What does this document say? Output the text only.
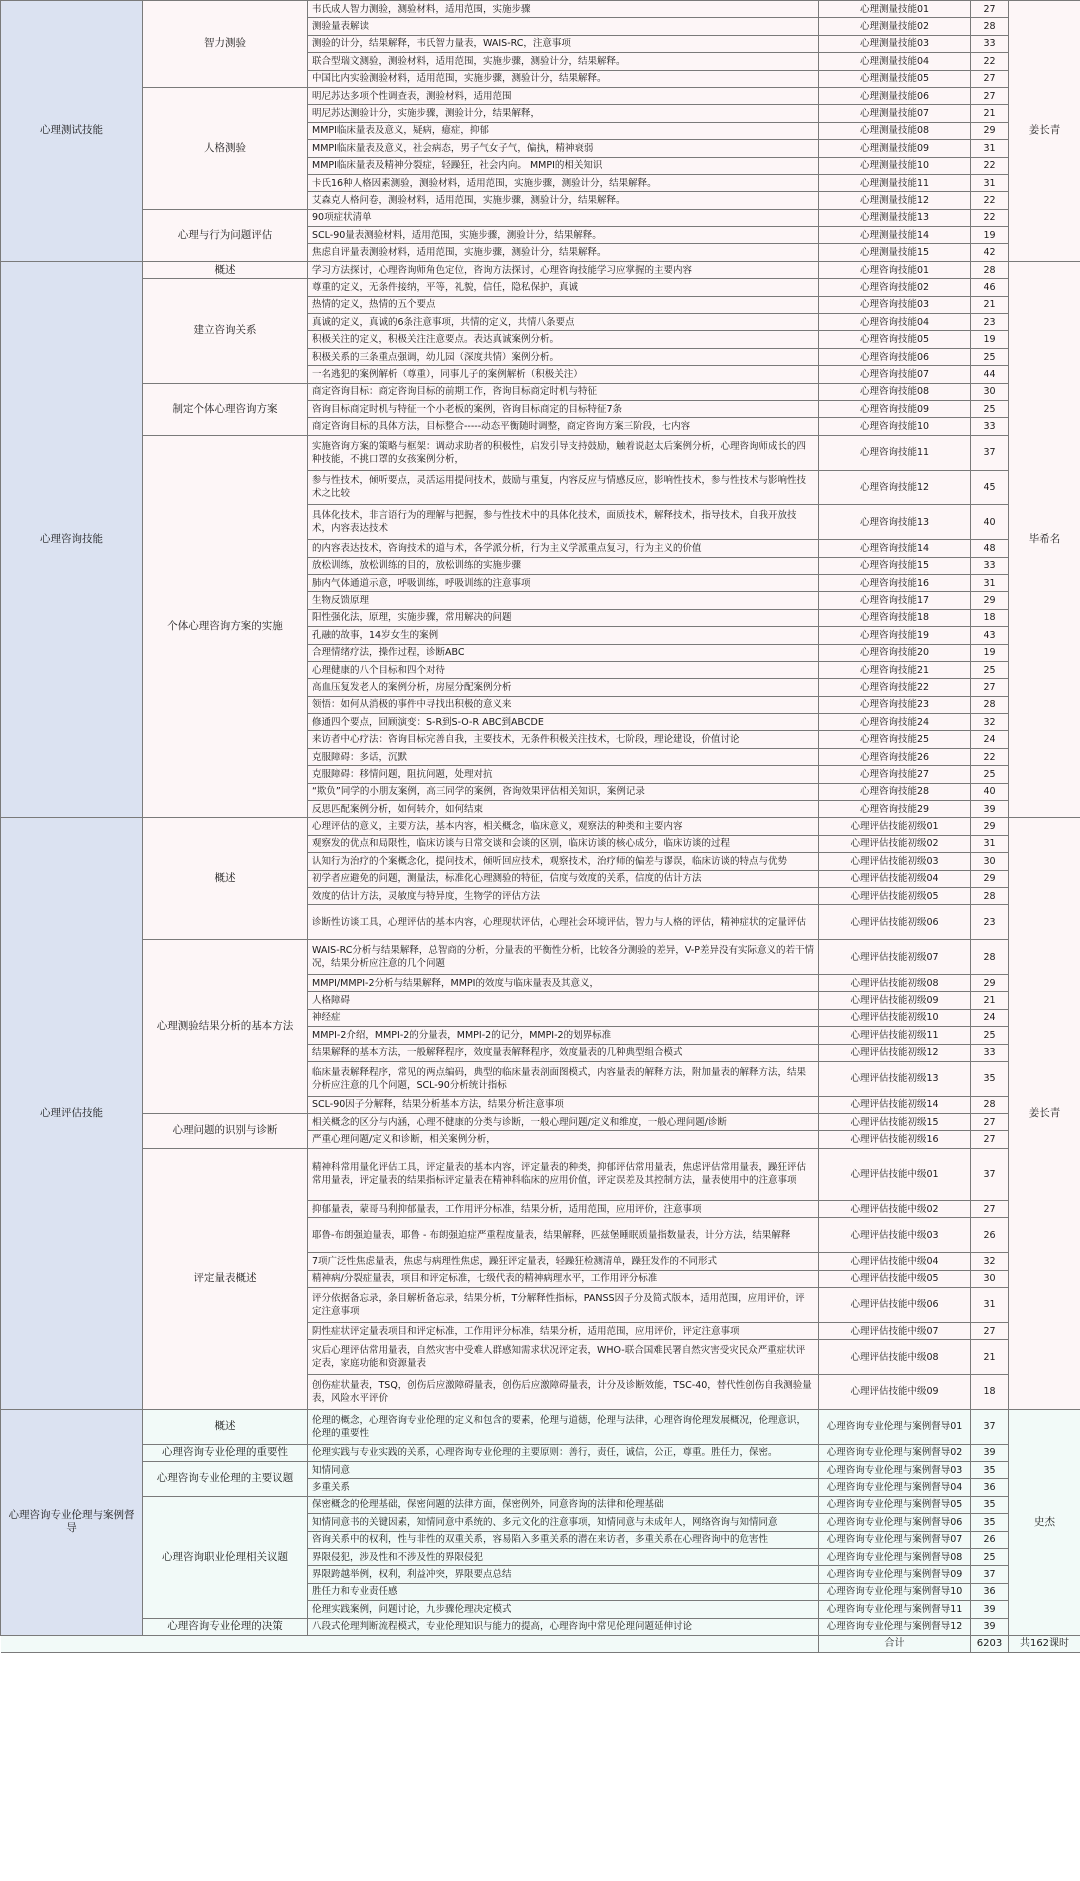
心理测试技能	智力测验	韦氏成人智力测验，测验材料，适用范围，实施步骤	心理测量技能01	27	姜长青
		测验量表解读	心理测量技能02	28	
		测验的计分，结果解释，韦氏智力量表，WAIS-RC，注意事项	心理测量技能03	33	
		联合型瑞文测验，测验材料，适用范围，实施步骤，测验计分，结果解释。	心理测量技能04	22	
		中国比内实验测验材料，适用范围，实施步骤，测验计分，结果解释。	心理测量技能05	27	
	人格测验	明尼苏达多项个性调查表，测验材料，适用范围	心理测量技能06	27	
		明尼苏达测验计分，实施步骤，测验计分，结果解释，	心理测量技能07	21	
		MMPI临床量表及意义，疑病，癔症，抑郁	心理测量技能08	29	
		MMPI临床量表及意义，社会病态，男子气女子气，偏执，精神衰弱	心理测量技能09	31	
		MMPI临床量表及精神分裂症，轻躁狂，社会内向。 MMPI的相关知识	心理测量技能10	22	
		卡氏16种人格因素测验，测验材料，适用范围，实施步骤，测验计分，结果解释。	心理测量技能11	31	
		艾森克人格问卷，测验材料，适用范围，实施步骤，测验计分，结果解释。	心理测量技能12	22	
	心理与行为问题评估	90项症状清单	心理测量技能13	22	
		SCL-90量表测验材料，适用范围，实施步骤，测验计分，结果解释。	心理测量技能14	19	
		焦虑自评量表测验材料，适用范围，实施步骤，测验计分，结果解释。	心理测量技能15	42	
心理咨询技能	概述	学习方法探讨，心理咨询师角色定位，咨询方法探讨，心理咨询技能学习应掌握的主要内容	心理咨询技能01	28	毕希名
	建立咨询关系	尊重的定义，无条件接纳，平等，礼貌，信任，隐私保护，真诚	心理咨询技能02	46	
		热情的定义，热情的五个要点	心理咨询技能03	21	
		真诚的定义，真诚的6条注意事项，共情的定义，共情八条要点	心理咨询技能04	23	
		积极关注的定义，积极关注注意要点。表达真诚案例分析。	心理咨询技能05	19	
		积极关系的三条重点强调，幼儿园（深度共情）案例分析。	心理咨询技能06	25	
		一名逃犯的案例解析（尊重），同事儿子的案例解析（积极关注）	心理咨询技能07	44	
	制定个体心理咨询方案	商定咨询目标：商定咨询目标的前期工作，咨询目标商定时机与特征	心理咨询技能08	30	
		咨询目标商定时机与特征一个小老板的案例，咨询目标商定的目标特征7条	心理咨询技能09	25	
		商定咨询目标的具体方法，目标整合-----动态平衡随时调整，商定咨询方案三阶段，七内容	心理咨询技能10	33	
	个体心理咨询方案的实施	实施咨询方案的策略与框架：调动求助者的积极性，启发引导支持鼓励，触着说赵太后案例分析，心理咨询师成长的四种技能，不挑口罩的女孩案例分析，	心理咨询技能11	37	
		参与性技术，倾听要点，灵活运用提问技术，鼓励与重复，内容反应与情感反应，影响性技术，参与性技术与影响性技术之比较	心理咨询技能12	45	
		具体化技术，非言语行为的理解与把握，参与性技术中的具体化技术，面质技术，解释技术，指导技术，自我开放技术，内容表达技术	心理咨询技能13	40	
		的内容表达技术，咨询技术的道与术，各学派分析，行为主义学派重点复习，行为主义的价值	心理咨询技能14	48	
		放松训练，放松训练的目的，放松训练的实施步骤	心理咨询技能15	33	
		肺内气体通道示意，呼吸训练，呼吸训练的注意事项	心理咨询技能16	31	
		生物反馈原理	心理咨询技能17	29	
		阳性强化法，原理，实施步骤，常用解决的问题	心理咨询技能18	18	
		孔融的故事，14岁女生的案例	心理咨询技能19	43	
		合理情绪疗法，操作过程，诊断ABC	心理咨询技能20	19	
		心理健康的八个目标和四个对待	心理咨询技能21	25	
		高血压复发老人的案例分析，房屋分配案例分析	心理咨询技能22	27	
		领悟：如何从消极的事件中寻找出积极的意义来	心理咨询技能23	28	
		修通四个要点，回顾演变：S-R到S-O-R ABC到ABCDE	心理咨询技能24	32	
		来访者中心疗法：咨询目标完善自我，主要技术，无条件积极关注技术，七阶段，理论建设，价值讨论	心理咨询技能25	24	
		克服障碍：多话，沉默	心理咨询技能26	22	
		克服障碍：移情问题，阻抗问题，处理对抗	心理咨询技能27	25	
		“欺负”同学的小朋友案例，高三同学的案例，咨询效果评估相关知识，案例记录	心理咨询技能28	40	
		反思匹配案例分析，如何转介，如何结束	心理咨询技能29	39	
心理评估技能	概述	心理评估的意义，主要方法，基本内容，相关概念，临床意义，观察法的种类和主要内容	心理评估技能初级01	29	姜长青
		观察发的优点和局限性，临床访谈与日常交谈和会谈的区别，临床访谈的核心成分，临床访谈的过程	心理评估技能初级02	31	
		认知行为治疗的个案概念化，提问技术，倾听回应技术，观察技术，治疗师的偏差与谬误，临床访谈的特点与优势	心理评估技能初级03	30	
		初学者应避免的问题，测量法，标准化心理测验的特征，信度与效度的关系，信度的估计方法	心理评估技能初级04	29	
		效度的估计方法，灵敏度与特异度，生物学的评估方法	心理评估技能初级05	28	
		诊断性访谈工具，心理评估的基本内容，心理现状评估，心理社会环境评估，智力与人格的评估，精神症状的定量评估	心理评估技能初级06	23	
	心理测验结果分析的基本方法	WAIS-RC分析与结果解释，总智商的分析，分量表的平衡性分析，比较各分测验的差异，V-P差异没有实际意义的若干情况，结果分析应注意的几个问题	心理评估技能初级07	28	
		MMPI/MMPI-2分析与结果解释，MMPI的效度与临床量表及其意义，	心理评估技能初级08	29	
		人格障碍	心理评估技能初级09	21	
		神经症	心理评估技能初级10	24	
		MMPI-2介绍，MMPI-2的分量表，MMPI-2的记分，MMPI-2的划界标准	心理评估技能初级11	25	
		结果解释的基本方法，一般解释程序，效度量表解释程序，效度量表的几种典型组合模式	心理评估技能初级12	33	
		临床量表解释程序，常见的两点编码，典型的临床量表剖面图模式，内容量表的解释方法，附加量表的解释方法，结果分析应注意的几个问题，SCL-90分析统计指标	心理评估技能初级13	35	
		SCL-90因子分解释，结果分析基本方法，结果分析注意事项	心理评估技能初级14	28	
	心理问题的识别与诊断	相关概念的区分与内涵，心理不健康的分类与诊断，一般心理问题/定义和维度，一般心理问题/诊断	心理评估技能初级15	27	
		严重心理问题/定义和诊断，相关案例分析，	心理评估技能初级16	27	
	评定量表概述	精神科常用量化评估工具，评定量表的基本内容，评定量表的种类，抑郁评估常用量表，焦虑评估常用量表，躁狂评估常用量表，评定量表的结果指标评定量表在精神科临床的应用价值，评定误差及其控制方法，量表使用中的注意事项	心理评估技能中级01	37	
		抑郁量表，蒙哥马利抑郁量表，工作用评分标准，结果分析，适用范围，应用评价，注意事项	心理评估技能中级02	27	
		耶鲁-布朗强迫量表，耶鲁 - 布朗强迫症严重程度量表，结果解释，匹兹堡睡眠质量指数量表，计分方法，结果解释	心理评估技能中级03	26	
		7项广泛性焦虑量表，焦虑与病理性焦虑，躁狂评定量表，轻躁狂检测清单，躁狂发作的不同形式	心理评估技能中级04	32	
		精神病/分裂症量表，项目和评定标准，七级代表的精神病理水平，工作用评分标准	心理评估技能中级05	30	
		评分依据备忘录，条目解析备忘录，结果分析，T分解释性指标，PANSS因子分及简式版本，适用范围，应用评价，评定注意事项	心理评估技能中级06	31	
		阴性症状评定量表项目和评定标准，工作用评分标准，结果分析，适用范围，应用评价，评定注意事项	心理评估技能中级07	27	
		灾后心理评估常用量表，自然灾害中受难人群感知需求状况评定表，WHO-联合国难民署自然灾害受灾民众严重症状评定表，家庭功能和资源量表	心理评估技能中级08	21	
		创伤症状量表，TSQ，创伤后应激障碍量表，创伤后应激障碍量表，计分及诊断效能，TSC-40，替代性创伤自我测验量表，风险水平评价	心理评估技能中级09	18	
心理咨询专业伦理与案例督导	概述	伦理的概念，心理咨询专业伦理的定义和包含的要素，伦理与道德，伦理与法律，心理咨询伦理发展概况，伦理意识，伦理的重要性	心理咨询专业伦理与案例督导01	37	史杰
	心理咨询专业伦理的重要性	伦理实践与专业实践的关系，心理咨询专业伦理的主要原则：善行，责任，诚信，公正，尊重。胜任力，保密。	心理咨询专业伦理与案例督导02	39	
	心理咨询专业伦理的主要议题	知情同意	心理咨询专业伦理与案例督导03	35	
		多重关系	心理咨询专业伦理与案例督导04	36	
	心理咨询职业伦理相关议题	保密概念的伦理基础，保密问题的法律方面，保密例外，同意咨询的法律和伦理基础	心理咨询专业伦理与案例督导05	35	
		知情同意书的关键因素，知情同意中系统的、多元文化的注意事项，知情同意与未成年人，网络咨询与知情同意	心理咨询专业伦理与案例督导06	35	
		咨询关系中的权利，性与非性的双重关系，容易陷入多重关系的潜在来访者，多重关系在心理咨询中的危害性	心理咨询专业伦理与案例督导07	26	
		界限侵犯，涉及性和不涉及性的界限侵犯	心理咨询专业伦理与案例督导08	25	
		界限跨越举例，权利，利益冲突，界限要点总结	心理咨询专业伦理与案例督导09	37	
		胜任力和专业责任感	心理咨询专业伦理与案例督导10	36	
		伦理实践案例，问题讨论，九步骤伦理决定模式	心理咨询专业伦理与案例督导11	39	
	心理咨询专业伦理的决策	八段式伦理判断流程模式，专业伦理知识与能力的提高，心理咨询中常见伦理问题延伸讨论	心理咨询专业伦理与案例督导12	39	
			合计	6203	共162课时
